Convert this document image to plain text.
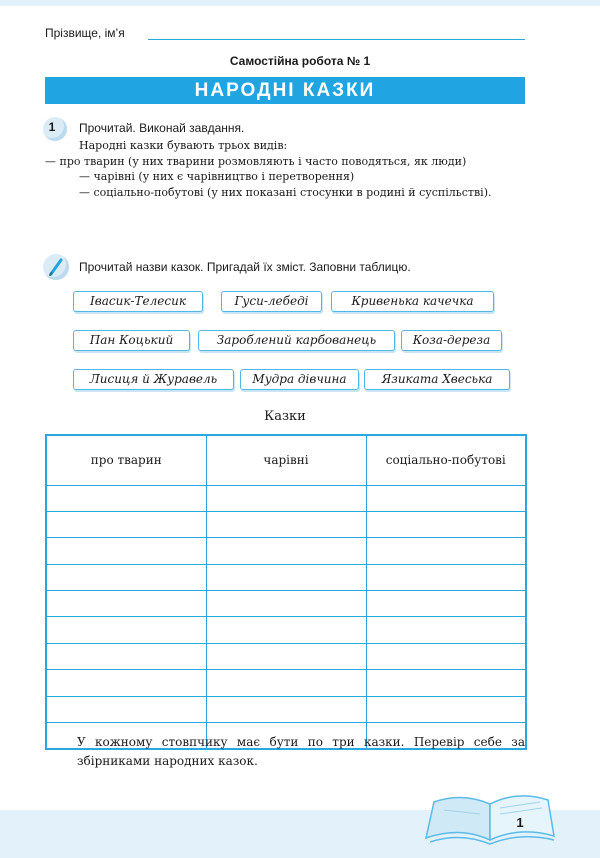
Прізвище, ім’я
Самостійна робота № 1
НАРОДНІ КАЗКИ
1	Прочитай. Виконай завдання.

Народні казки бувають трьох видів:

— про тварин (у них тварини розмовляють і часто поводяться, як люди)

— чарівні (у них є чарівництво і перетворення)

— соціально-побутові (у них показані стосунки в родині й суспільстві).

Прочитай назви казок. Пригадай їх зміст. Заповни таблицю.
Івасик-Телесик	Гуси-лебеді	Кривенька качечка
Пан Коцький	Зароблений карбованець	Коза-дереза
Лисиця й Журавель	Мудра дівчина	Язиката Хвеська
Казки
про тварин	чарівні	соціально-побутові

У кожному стовпчику має бути по три казки. Перевір себе за збірниками народних казок.

1
